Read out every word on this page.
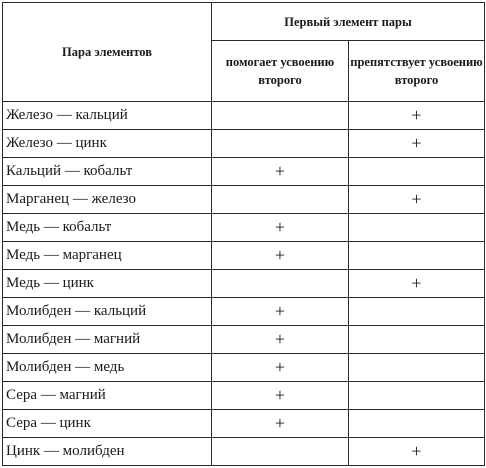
Пара элементов	Первый элемент пары	
	помогает усвоению второго	препятствует усвоению второго
Железо — кальций		+
Железо — цинк		+
Кальций — кобальт	+	
Марганец — железо		+
Медь — кобальт	+	
Медь — марганец	+	
Медь — цинк		+
Молибден — кальций	+	
Молибден — магний	+	
Молибден — медь	+	
Сера — магний	+	
Сера — цинк	+	
Цинк — молибден		+
